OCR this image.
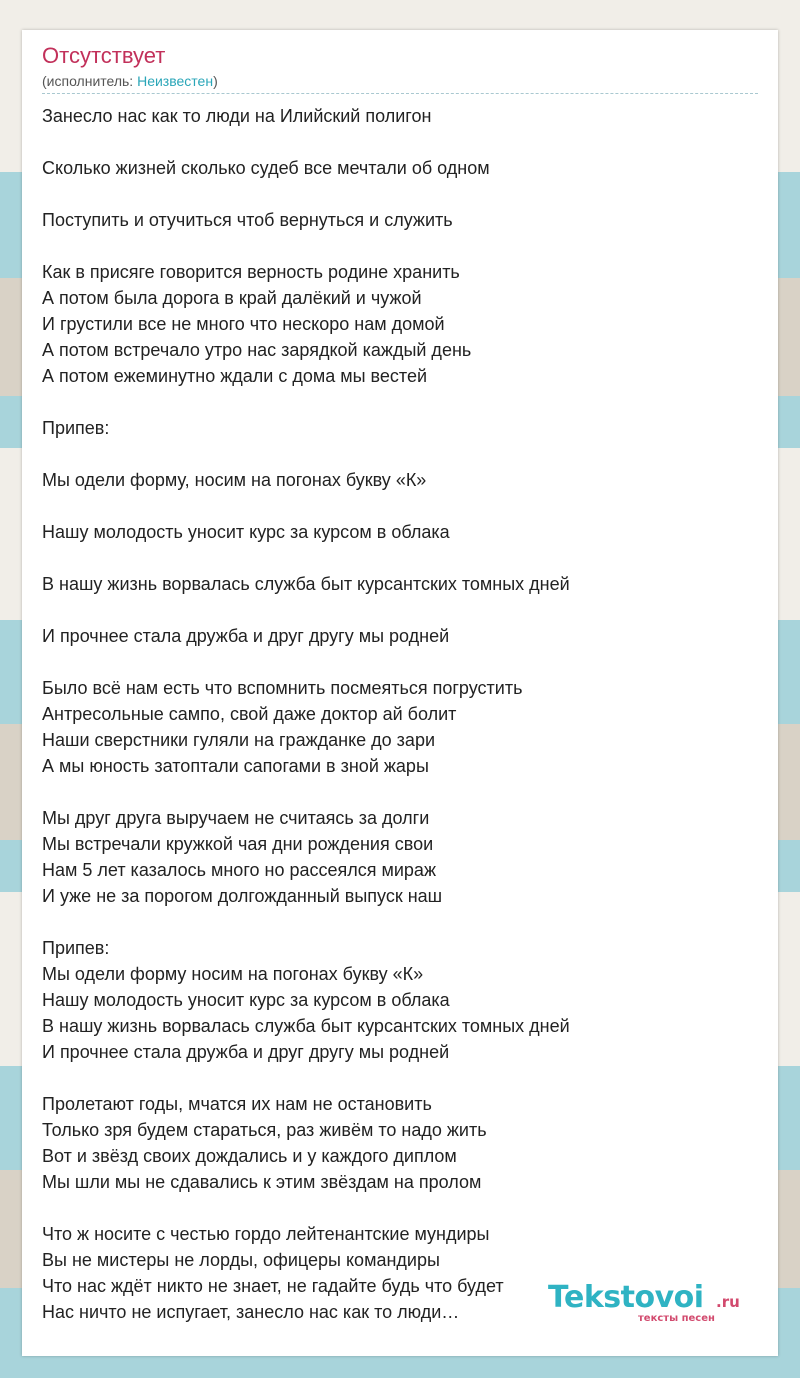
Отсутствует
(исполнитель: Неизвестен)
Занесло нас как то люди на Илийский полигон
Сколько жизней сколько судеб все мечтали об одном
Поступить и отучиться чтоб вернуться и служить
Как в присяге говорится верность родине хранить
А потом была дорога в край далёкий и чужой
И грустили все не много что нескоро нам домой
А потом встречало утро нас зарядкой каждый день
А потом ежеминутно ждали с дома мы вестей
Припев:
Мы одели форму, носим на погонах букву «К»
Нашу молодость уносит курс за курсом в облака
В нашу жизнь ворвалась служба быт курсантских томных дней
И прочнее стала дружба и друг другу мы родней
Было всё нам есть что вспомнить посмеяться погрустить
Антресольные сампо, свой даже доктор ай болит
Наши сверстники гуляли на гражданке до зари
А мы юность затоптали сапогами в зной жары
Мы друг друга выручаем не считаясь за долги
Мы встречали кружкой чая дни рождения свои
Нам 5 лет казалось много но рассеялся мираж
И уже не за порогом долгожданный выпуск наш
Припев:
Мы одели форму носим на погонах букву «К»
Нашу молодость уносит курс за курсом в облака
В нашу жизнь ворвалась служба быт курсантских томных дней
И прочнее стала дружба и друг другу мы родней
Пролетают годы, мчатся их нам не остановить
Только зря будем стараться, раз живём то надо жить
Вот и звёзд своих дождались и у каждого диплом
Мы шли мы не сдавались к этим звёздам на пролом
Что ж носите с честью гордо лейтенантские мундиры
Вы не мистеры не лорды, офицеры командиры
Что нас ждёт никто не знает, не гадайте будь что будет
Нас ничто не испугает, занесло нас как то люди…	Tekstovoi .ru
тексты песен
